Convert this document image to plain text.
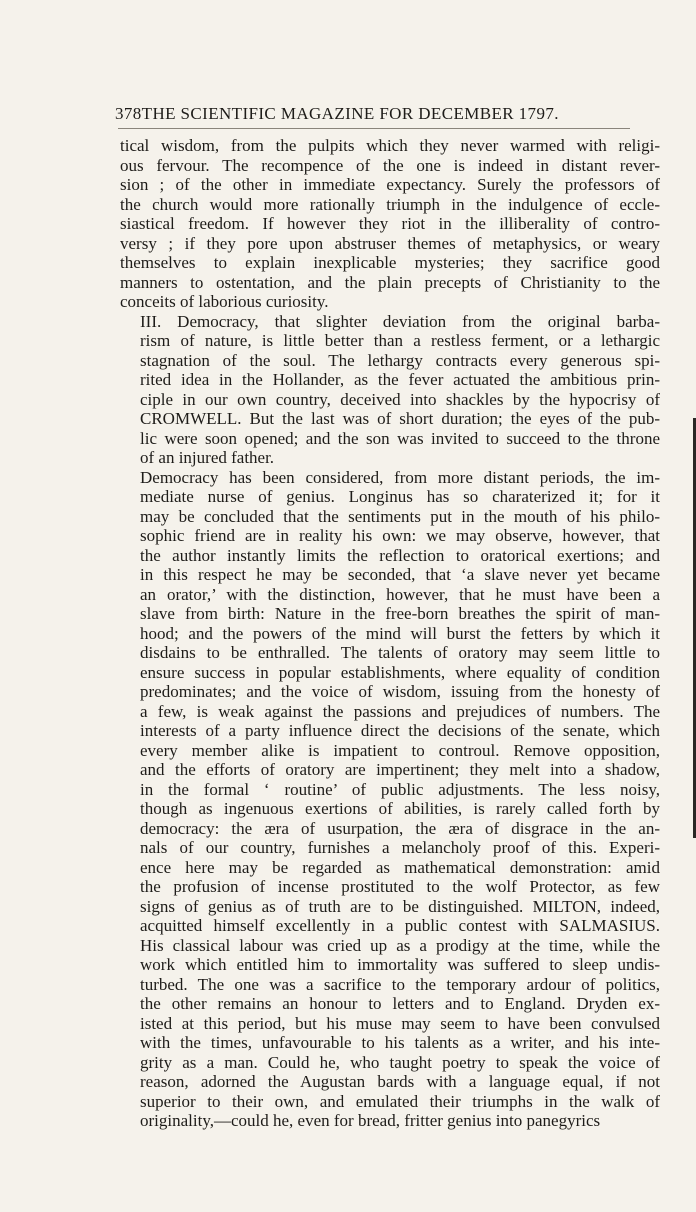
378 THE SCIENTIFIC MAGAZINE FOR DECEMBER 1797.

tical wisdom, from the pulpits which they never warmed with religi-
ous fervour. The recompence of the one is indeed in distant rever-
sion ; of the other in immediate expectancy. Surely the professors of
the church would more rationally triumph in the indulgence of eccle-
siastical freedom. If however they riot in the illiberality of contro-
versy ; if they pore upon abstruser themes of metaphysics, or weary
themselves to explain inexplicable mysteries; they sacrifice good
manners to ostentation, and the plain precepts of Christianity to the
conceits of laborious curiosity.

III. Democracy, that slighter deviation from the original barba-
rism of nature, is little better than a restless ferment, or a lethargic
stagnation of the soul. The lethargy contracts every generous spi-
rited idea in the Hollander, as the fever actuated the ambitious prin-
ciple in our own country, deceived into shackles by the hypocrisy of
CROMWELL. But the last was of short duration; the eyes of the pub-
lic were soon opened; and the son was invited to succeed to the throne
of an injured father.

Democracy has been considered, from more distant periods, the im-
mediate nurse of genius. Longinus has so charaterized it; for it
may be concluded that the sentiments put in the mouth of his philo-
sophic friend are in reality his own: we may observe, however, that
the author instantly limits the reflection to oratorical exertions; and
in this respect he may be seconded, that ‘a slave never yet became
an orator,’ with the distinction, however, that he must have been a
slave from birth: Nature in the free-born breathes the spirit of man-
hood; and the powers of the mind will burst the fetters by which it
disdains to be enthralled. The talents of oratory may seem little to
ensure success in popular establishments, where equality of condition
predominates; and the voice of wisdom, issuing from the honesty of
a few, is weak against the passions and prejudices of numbers. The
interests of a party influence direct the decisions of the senate, which
every member alike is impatient to controul. Remove opposition,
and the efforts of oratory are impertinent; they melt into a shadow,
in the formal ‘ routine’ of public adjustments. The less noisy,
though as ingenuous exertions of abilities, is rarely called forth by
democracy: the æra of usurpation, the æra of disgrace in the an-
nals of our country, furnishes a melancholy proof of this. Experi-
ence here may be regarded as mathematical demonstration: amid
the profusion of incense prostituted to the wolf Protector, as few
signs of genius as of truth are to be distinguished. MILTON, indeed,
acquitted himself excellently in a public contest with SALMASIUS.
His classical labour was cried up as a prodigy at the time, while the
work which entitled him to immortality was suffered to sleep undis-
turbed. The one was a sacrifice to the temporary ardour of politics,
the other remains an honour to letters and to England. Dryden ex-
isted at this period, but his muse may seem to have been convulsed
with the times, unfavourable to his talents as a writer, and his inte-
grity as a man. Could he, who taught poetry to speak the voice of
reason, adorned the Augustan bards with a language equal, if not
superior to their own, and emulated their triumphs in the walk of
originality,—could he, even for bread, fritter genius into panegyrics
